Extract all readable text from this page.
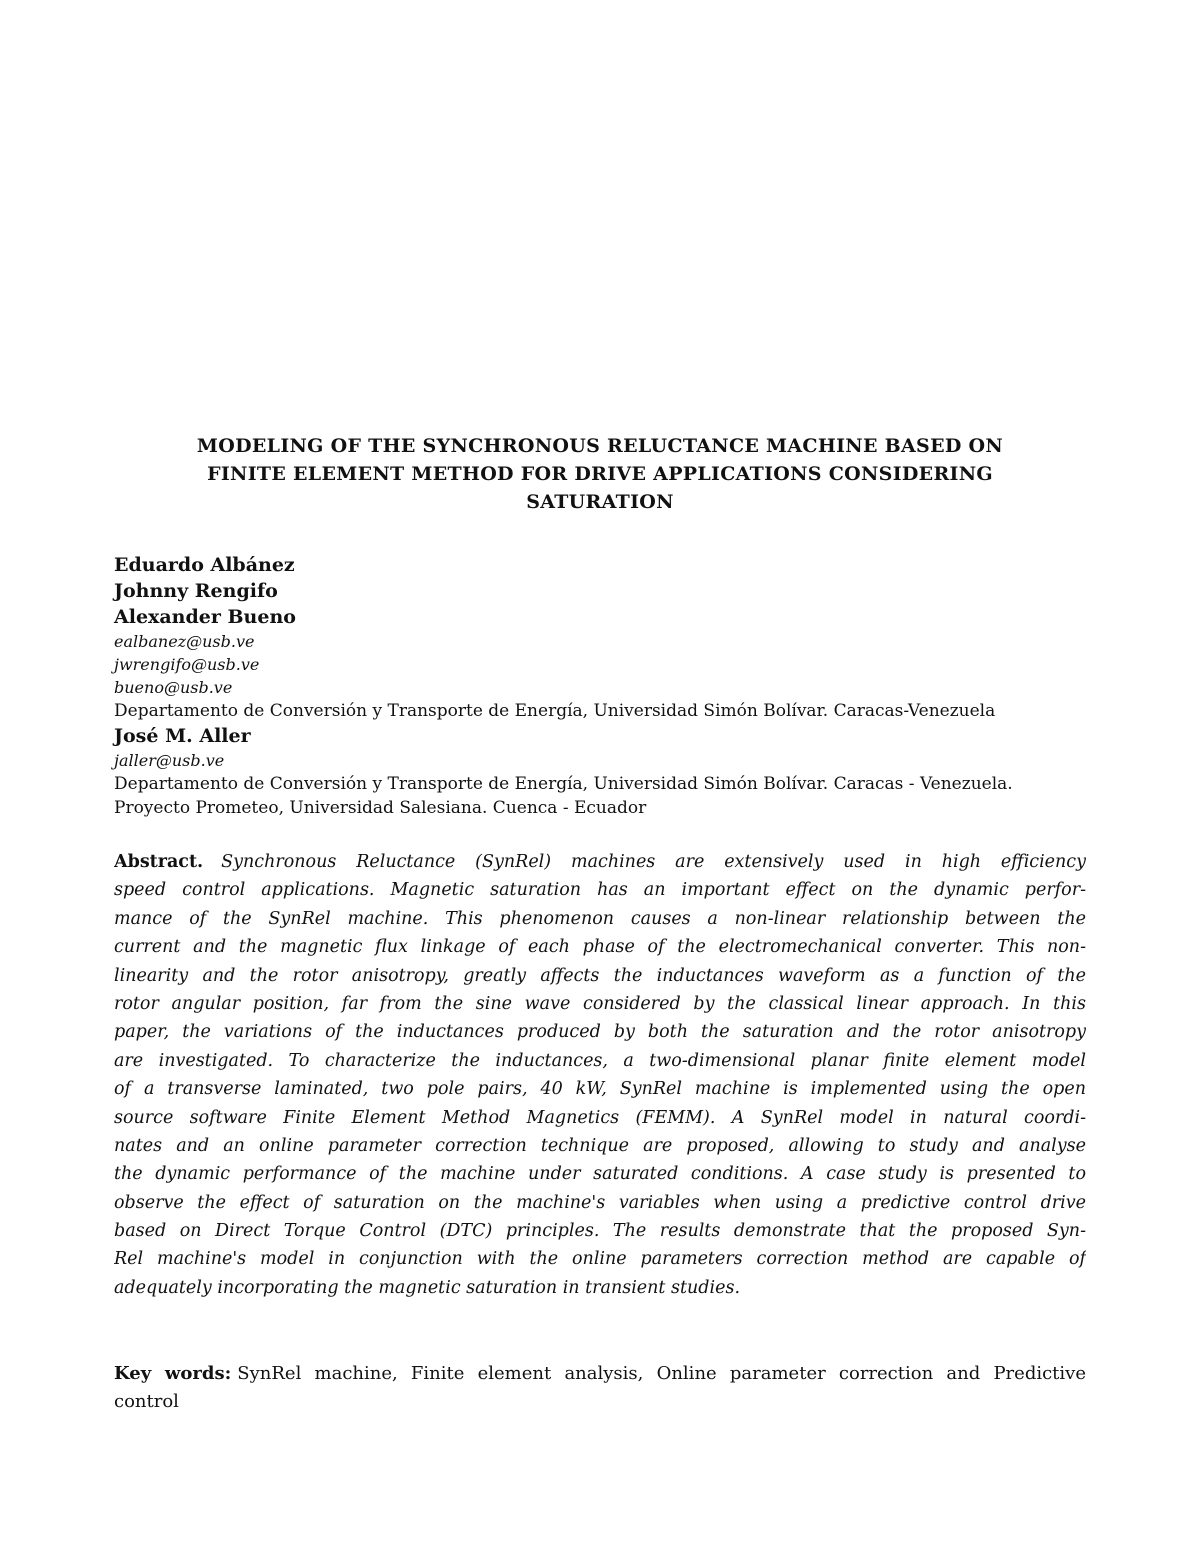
MODELING OF THE SYNCHRONOUS RELUCTANCE MACHINE BASED ON
FINITE ELEMENT METHOD FOR DRIVE APPLICATIONS CONSIDERING
SATURATION
Eduardo Albánez
Johnny Rengifo
Alexander Bueno
ealbanez@usb.ve
jwrengifo@usb.ve
bueno@usb.ve
Departamento de Conversión y Transporte de Energía, Universidad Simón Bolívar. Caracas-Venezuela
José M. Aller
jaller@usb.ve
Departamento de Conversión y Transporte de Energía, Universidad Simón Bolívar. Caracas - Venezuela.
Proyecto Prometeo, Universidad Salesiana. Cuenca - Ecuador
Abstract. Synchronous Reluctance (SynRel) machines are extensively used in high efficiency
speed control applications. Magnetic saturation has an important effect on the dynamic perfor-
mance of the SynRel machine. This phenomenon causes a non-linear relationship between the
current and the magnetic flux linkage of each phase of the electromechanical converter. This non-
linearity and the rotor anisotropy, greatly affects the inductances waveform as a function of the
rotor angular position, far from the sine wave considered by the classical linear approach. In this
paper, the variations of the inductances produced by both the saturation and the rotor anisotropy
are investigated. To characterize the inductances, a two-dimensional planar finite element model
of a transverse laminated, two pole pairs, 40 kW, SynRel machine is implemented using the open
source software Finite Element Method Magnetics (FEMM). A SynRel model in natural coordi-
nates and an online parameter correction technique are proposed, allowing to study and analyse
the dynamic performance of the machine under saturated conditions. A case study is presented to
observe the effect of saturation on the machine's variables when using a predictive control drive
based on Direct Torque Control (DTC) principles. The results demonstrate that the proposed Syn-
Rel machine's model in conjunction with the online parameters correction method are capable of
adequately incorporating the magnetic saturation in transient studies.
Key words: SynRel machine, Finite element analysis, Online parameter correction and Predictive
control
